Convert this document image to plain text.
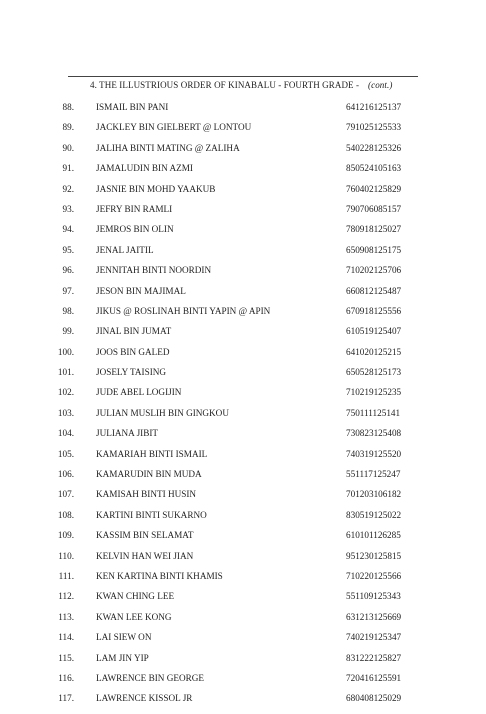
4. THE ILLUSTRIOUS ORDER OF KINABALU - FOURTH GRADE - (cont.)
88. ISMAIL BIN PANI	641216125137
89. JACKLEY BIN GIELBERT @ LONTOU	791025125533
90. JALIHA BINTI MATING @ ZALIHA	540228125326
91. JAMALUDIN BIN AZMI	850524105163
92. JASNIE BIN MOHD YAAKUB	760402125829
93. JEFRY BIN RAMLI	790706085157
94. JEMROS BIN OLIN	780918125027
95. JENAL JAITIL	650908125175
96. JENNITAH BINTI NOORDIN	710202125706
97. JESON BIN MAJIMAL	660812125487
98. JIKUS @ ROSLINAH BINTI YAPIN @ APIN	670918125556
99. JINAL BIN JUMAT	610519125407
100. JOOS BIN GALED	641020125215
101. JOSELY TAISING	650528125173
102. JUDE ABEL LOGIJIN	710219125235
103. JULIAN MUSLIH BIN GINGKOU	750111125141
104. JULIANA JIBIT	730823125408
105. KAMARIAH BINTI ISMAIL	740319125520
106. KAMARUDIN BIN MUDA	551117125247
107. KAMISAH BINTI HUSIN	701203106182
108. KARTINI BINTI SUKARNO	830519125022
109. KASSIM BIN SELAMAT	610101126285
110. KELVIN HAN WEI JIAN	951230125815
111. KEN KARTINA BINTI KHAMIS	710220125566
112. KWAN CHING LEE	551109125343
113. KWAN LEE KONG	631213125669
114. LAI SIEW ON	740219125347
115. LAM JIN YIP	831222125827
116. LAWRENCE BIN GEORGE	720416125591
117. LAWRENCE KISSOL JR	680408125029
